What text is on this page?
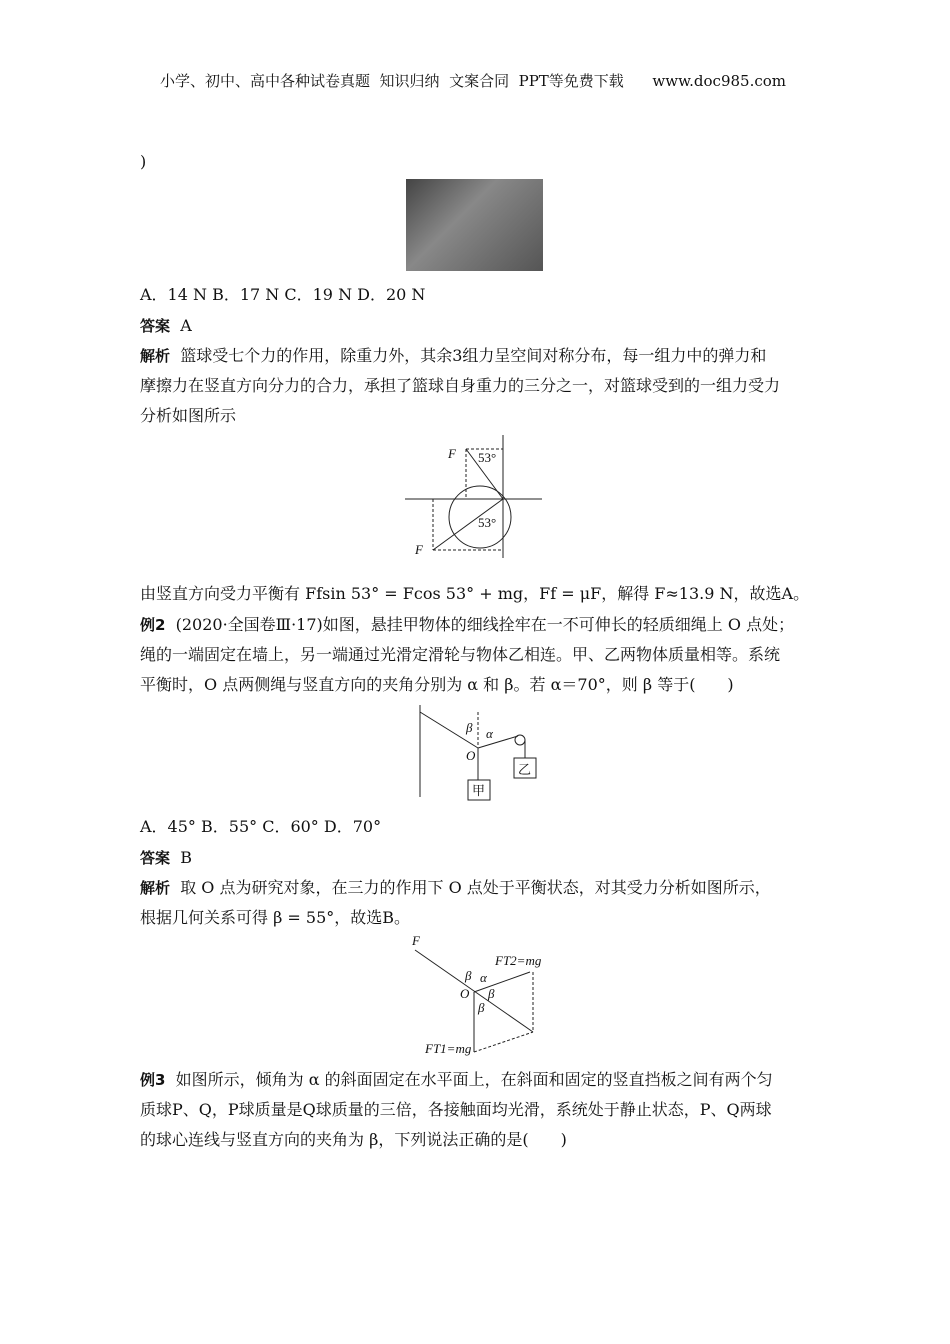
小学、初中、高中各种试卷真题  知识归纳  文案合同  PPT等免费下载      www.doc985.com
)
A．14 N B．17 N C．19 N D．20 N
答案 A
解析 篮球受七个力的作用，除重力外，其余3组力呈空间对称分布，每一组力中的弹力和
摩擦力在竖直方向分力的合力，承担了篮球自身重力的三分之一，对篮球受到的一组力受力
分析如图所示
F 53°
53°
F
由竖直方向受力平衡有 Ffsin 53° = Fcos 53° + mg，Ff = μF，解得 F≈13.9 N，故选A。
例2 (2020·全国卷Ⅲ·17)如图，悬挂甲物体的细线拴牢在一不可伸长的轻质细绳上 O 点处；
绳的一端固定在墙上，另一端通过光滑定滑轮与物体乙相连。甲、乙两物体质量相等。系统
平衡时，O 点两侧绳与竖直方向的夹角分别为 α 和 β。若 α＝70°，则 β 等于(　　)
β α
O
甲
乙
A．45° B．55° C．60° D．70°
答案 B
解析 取 O 点为研究对象，在三力的作用下 O 点处于平衡状态，对其受力分析如图所示，
根据几何关系可得 β = 55°，故选B。
F
FT2=mg
FT1=mg
O
α
β
β
β
例3 如图所示，倾角为 α 的斜面固定在水平面上，在斜面和固定的竖直挡板之间有两个匀
质球P、Q，P球质量是Q球质量的三倍，各接触面均光滑，系统处于静止状态，P、Q两球
的球心连线与竖直方向的夹角为 β，下列说法正确的是(　　)
